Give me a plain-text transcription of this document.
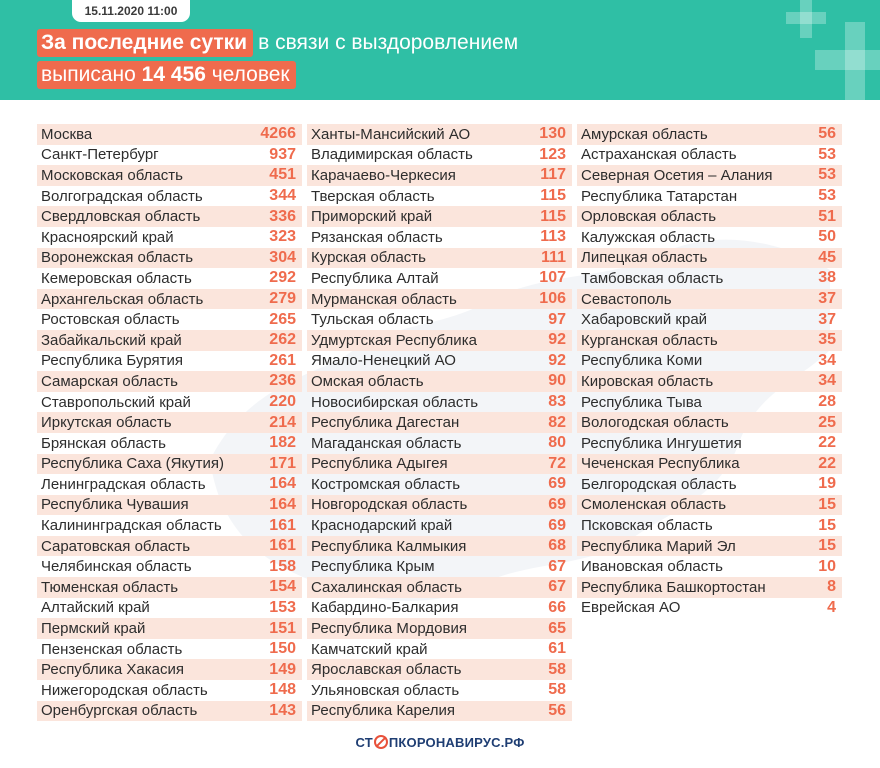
15.11.2020 11:00
За последние сутки в связи с выздоровлением
выписано 14 456 человек
Москва	4266
Санкт-Петербург	937
Московская область	451
Волгоградская область	344
Свердловская область	336
Красноярский край	323
Воронежская область	304
Кемеровская область	292
Архангельская область	279
Ростовская область	265
Забайкальский край	262
Республика Бурятия	261
Самарская область	236
Ставропольский край	220
Иркутская область	214
Брянская область	182
Республика Саха (Якутия)	171
Ленинградская область	164
Республика Чувашия	164
Калининградская область	161
Саратовская область	161
Челябинская область	158
Тюменская область	154
Алтайский край	153
Пермский край	151
Пензенская область	150
Республика Хакасия	149
Нижегородская область	148
Оренбургская область	143
Ханты-Мансийский АО	130
Владимирская область	123
Карачаево-Черкесия	117
Тверская область	115
Приморский край	115
Рязанская область	113
Курская область	111
Республика Алтай	107
Мурманская область	106
Тульская область	97
Удмуртская Республика	92
Ямало-Ненецкий АО	92
Омская область	90
Новосибирская область	83
Республика Дагестан	82
Магаданская область	80
Республика Адыгея	72
Костромская область	69
Новгородская область	69
Краснодарский край	69
Республика Калмыкия	68
Республика Крым	67
Сахалинская область	67
Кабардино-Балкария	66
Республика Мордовия	65
Камчатский край	61
Ярославская область	58
Ульяновская область	58
Республика Карелия	56
Амурская область	56
Астраханская область	53
Северная Осетия – Алания	53
Республика Татарстан	53
Орловская область	51
Калужская область	50
Липецкая область	45
Тамбовская область	38
Севастополь	37
Хабаровский край	37
Курганская область	35
Республика Коми	34
Кировская область	34
Республика Тыва	28
Вологодская область	25
Республика Ингушетия	22
Чеченская Республика	22
Белгородская область	19
Смоленская область	15
Псковская область	15
Республика Марий Эл	15
Ивановская область	10
Республика Башкортостан	8
Еврейская АО	4
СТ ПКОРОНАВИРУС.РФ
